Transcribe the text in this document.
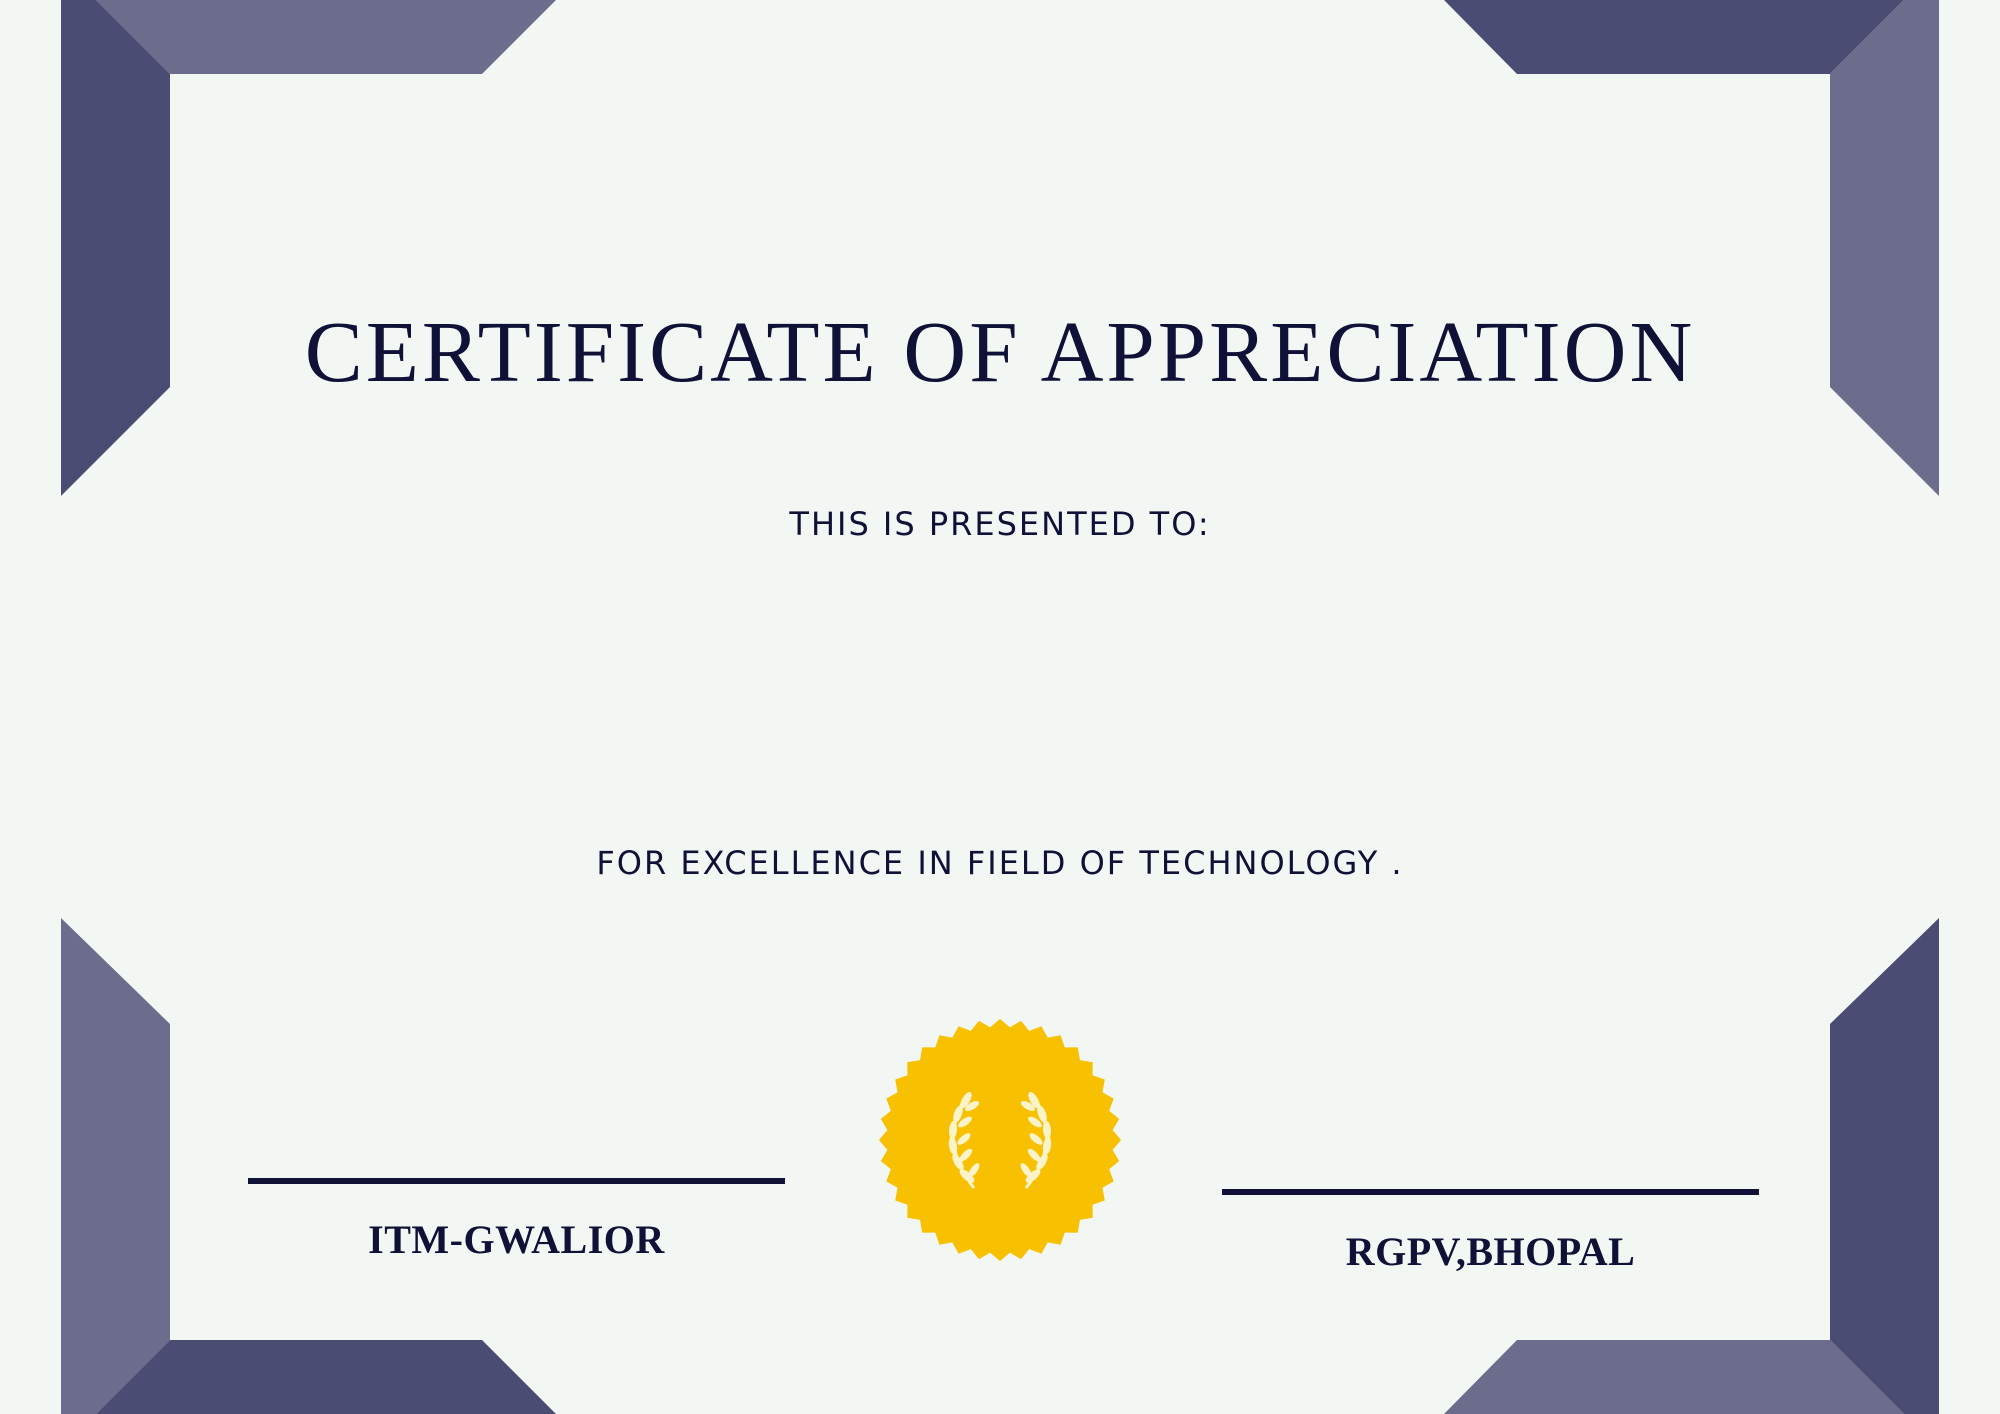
CERTIFICATE OF APPRECIATION
THIS IS PRESENTED TO:
FOR EXCELLENCE IN FIELD OF TECHNOLOGY .
ITM-GWALIOR	RGPV,BHOPAL
